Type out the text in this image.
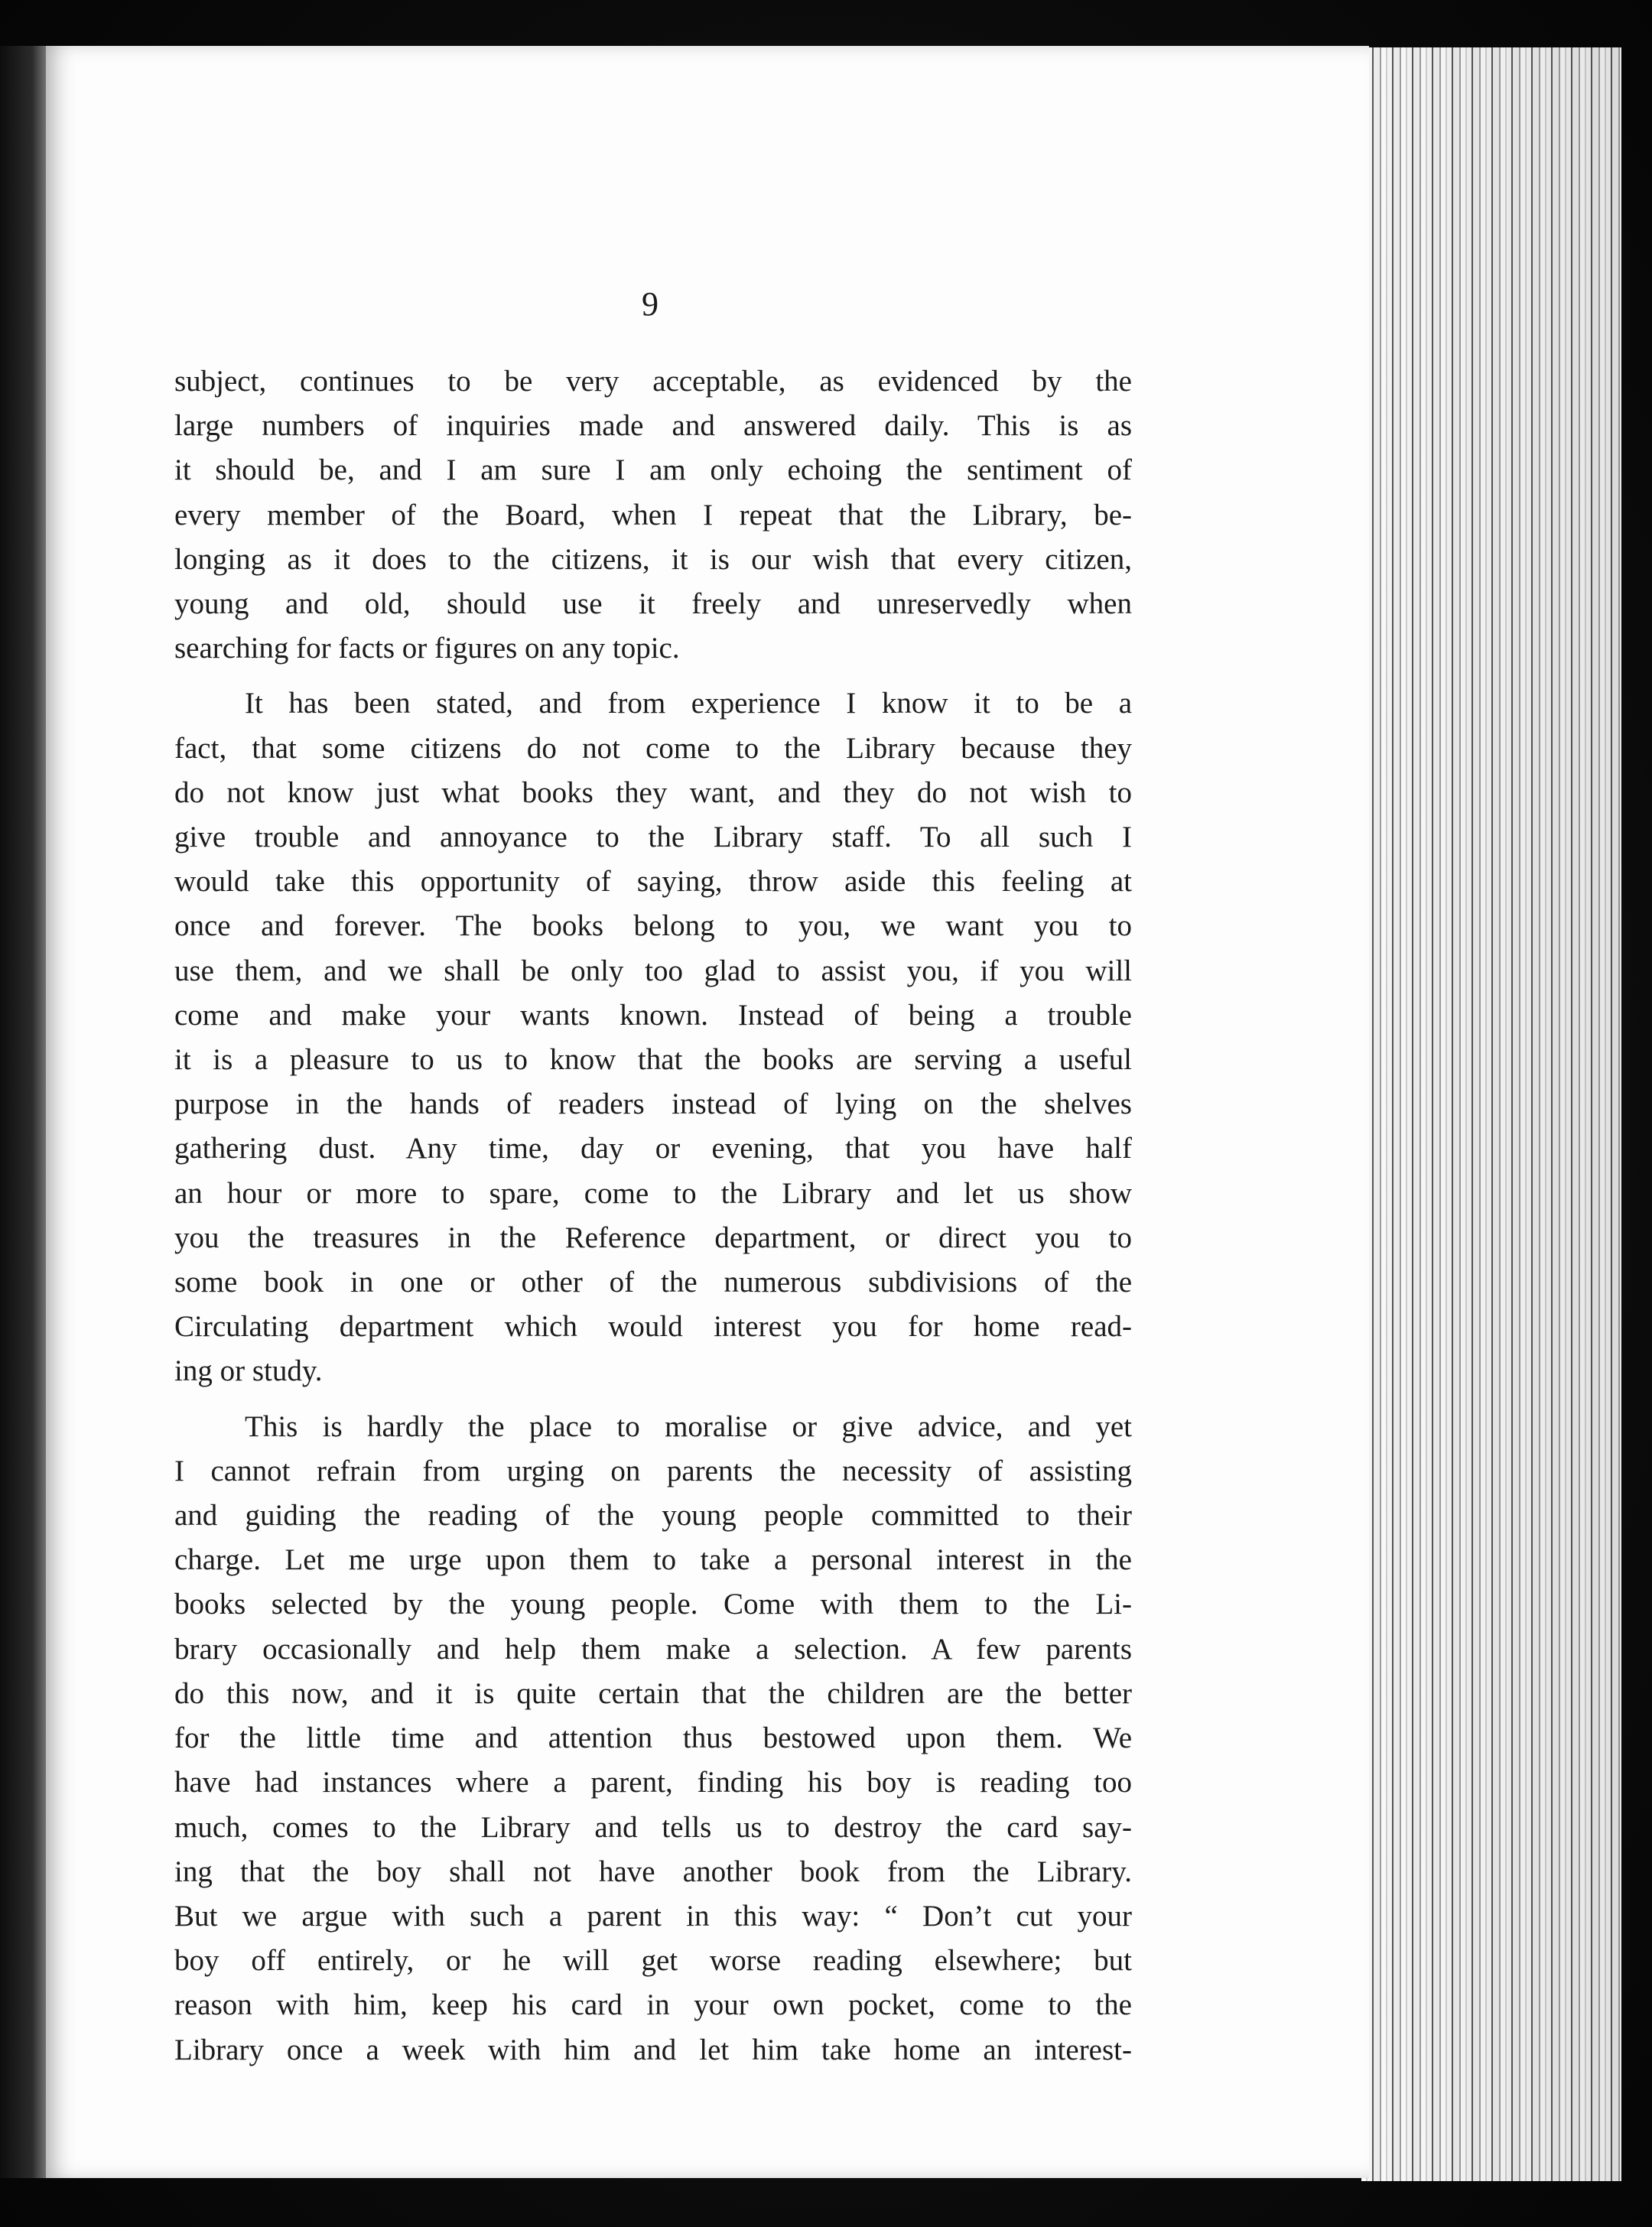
9

subject, continues to be very acceptable, as evidenced by the
large numbers of inquiries made and answered daily. This is as
it should be, and I am sure I am only echoing the sentiment of
every member of the Board, when I repeat that the Library, be-
longing as it does to the citizens, it is our wish that every citizen,
young and old, should use it freely and unreservedly when
searching for facts or figures on any topic.

It has been stated, and from experience I know it to be a
fact, that some citizens do not come to the Library because they
do not know just what books they want, and they do not wish to
give trouble and annoyance to the Library staff. To all such I
would take this opportunity of saying, throw aside this feeling at
once and forever. The books belong to you, we want you to
use them, and we shall be only too glad to assist you, if you will
come and make your wants known. Instead of being a trouble
it is a pleasure to us to know that the books are serving a useful
purpose in the hands of readers instead of lying on the shelves
gathering dust. Any time, day or evening, that you have half
an hour or more to spare, come to the Library and let us show
you the treasures in the Reference department, or direct you to
some book in one or other of the numerous subdivisions of the
Circulating department which would interest you for home read-
ing or study.

This is hardly the place to moralise or give advice, and yet
I cannot refrain from urging on parents the necessity of assisting
and guiding the reading of the young people committed to their
charge. Let me urge upon them to take a personal interest in the
books selected by the young people. Come with them to the Li-
brary occasionally and help them make a selection. A few parents
do this now, and it is quite certain that the children are the better
for the little time and attention thus bestowed upon them. We
have had instances where a parent, finding his boy is reading too
much, comes to the Library and tells us to destroy the card say-
ing that the boy shall not have another book from the Library.
But we argue with such a parent in this way: “ Don’t cut your
boy off entirely, or he will get worse reading elsewhere; but
reason with him, keep his card in your own pocket, come to the
Library once a week with him and let him take home an interest-
